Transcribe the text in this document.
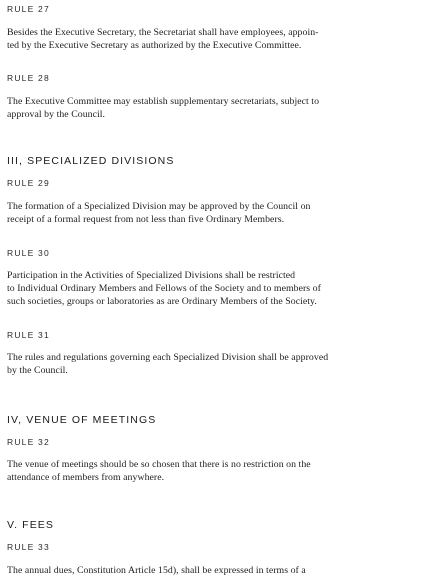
RULE 27

Besides the Executive Secretary, the Secretariat shall have employees, appoin-

ted by the Executive Secretary as authorized by the Executive Committee.

RULE 28

The Executive Committee may establish supplementary secretariats, subject to

approval by the Council.

III, SPECIALIZED DIVISIONS

RULE 29

The formation of a Specialized Division may be approved by the Council on

receipt of a formal request from not less than five Ordinary Members.

RULE 30

Participation in the Activities of Specialized Divisions shall be restricted

to Individual Ordinary Members and Fellows of the Society and to members of

such societies, groups or laboratories as are Ordinary Members of the Society.

RULE 31

The rules and regulations governing each Specialized Division shall be approved

by the Council.

IV, VENUE OF MEETINGS

RULE 32

The venue of meetings should be so chosen that there is no restriction on the

attendance of members from anywhere.

V. FEES

RULE 33

The annual dues, Constitution Article 15d), shall be expressed in terms of a
